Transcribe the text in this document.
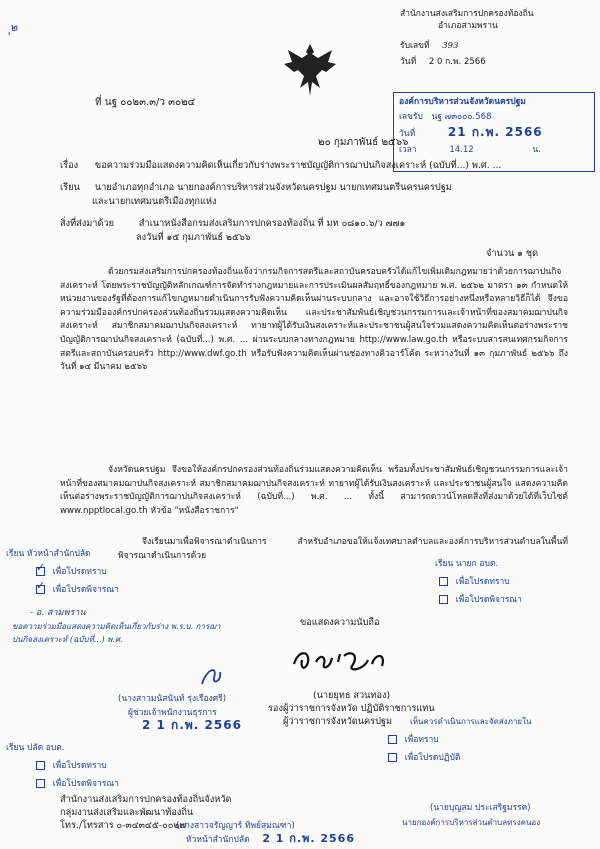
ุ๒
สำนักงานส่งเสริมการปกครองท้องถิ่น
อำเภอสามพราน
รับเลขที่ 393
วันที่ 2 0 ก.พ. 2566
องค์การบริหารส่วนจังหวัดนครปฐม
เลขรับ นฐ ๗๓๐๐๐.568
วันที่	21 ก.พ. 2566
เวลา	14.12	น.
ที่ นฐ ๐๐๒๓.๓/ว ๓๐๒๔
๒๐ กุมภาพันธ์ ๒๕๖๖
เรื่อง ขอความร่วมมือแสดงความคิดเห็นเกี่ยวกับร่างพระราชบัญญัติการฌาปนกิจสงเคราะห์ (ฉบับที่...) พ.ศ. ...
เรียน นายอำเภอทุกอำเภอ นายกองค์การบริหารส่วนจังหวัดนครปฐม นายกเทศมนตรีนครนครปฐม
และนายกเทศมนตรีเมืองทุกแห่ง
สิ่งที่ส่งมาด้วย	สำเนาหนังสือกรมส่งเสริมการปกครองท้องถิ่น ที่ มท ๐๘๑๐.๖/ว ๗๗๑
ลงวันที่ ๑๕ กุมภาพันธ์ ๒๕๖๖
จำนวน ๑ ชุด

ด้วยกรมส่งเสริมการปกครองท้องถิ่นแจ้งว่ากรมกิจการสตรีและสถาบันครอบครัวได้แก้ไขเพิ่มเติมกฎหมายว่าด้วยการฌาปนกิจสงเคราะห์ โดยพระราชบัญญัติหลักเกณฑ์การจัดทำร่างกฎหมายและการประเมินผลสัมฤทธิ์ของกฎหมาย พ.ศ. ๒๕๖๒ มาตรา ๑๓ กำหนดให้หน่วยงานของรัฐที่ต้องการแก้ไขกฎหมายดำเนินการรับฟังความคิดเห็นผ่านระบบกลาง และอาจใช้วิธีการอย่างหนึ่งหรือหลายวิธีก็ได้ จึงขอความร่วมมือองค์กรปกครองส่วนท้องถิ่นร่วมแสดงความคิดเห็น และประชาสัมพันธ์เชิญชวนกรรมการและเจ้าหน้าที่ของสมาคมฌาปนกิจสงเคราะห์ สมาชิกสมาคมฌาปนกิจสงเคราะห์ ทายาทผู้ได้รับเงินสงเคราะห์และประชาชนผู้สนใจร่วมแสดงความคิดเห็นต่อร่างพระราชบัญญัติการฌาปนกิจสงเคราะห์ (ฉบับที่...) พ.ศ. ... ผ่านระบบกลางทางกฎหมาย http://www.law.go.th หรือระบบสารสนเทศกรมกิจการสตรีและสถาบันครอบครัว http://www.dwf.go.th หรือรับฟังความคิดเห็นผ่านช่องทางคิวอาร์โค้ด ระหว่างวันที่ ๑๓ กุมภาพันธ์ ๒๕๖๖ ถึงวันที่ ๑๔ มีนาคม ๒๕๖๖

จังหวัดนครปฐม จึงขอให้องค์กรปกครองส่วนท้องถิ่นร่วมแสดงความคิดเห็น พร้อมทั้งประชาสัมพันธ์เชิญชวนกรรมการและเจ้าหน้าที่ของสมาคมฌาปนกิจสงเคราะห์ สมาชิกสมาคมฌาปนกิจสงเคราะห์ ทายาทผู้ได้รับเงินสงเคราะห์ และประชาชนผู้สนใจ แสดงความคิดเห็นต่อร่างพระราชบัญญัติการฌาปนกิจสงเคราะห์ (ฉบับที่...) พ.ศ. ... ทั้งนี้ สามารถดาวน์โหลดสิ่งที่ส่งมาด้วยได้ที่เว็บไซต์ www.npptlocal.go.th หัวข้อ "หนังสือราชการ"

จึงเรียนมาเพื่อพิจารณาดำเนินการ สำหรับอำเภอขอให้แจ้งเทศบาลตำบลและองค์การบริหารส่วนตำบลในพื้นที่พิจารณาดำเนินการด้วย

เรียน หัวหน้าสำนักปลัด
✓ เพื่อโปรดทราบ
✓ เพื่อโปรดพิจารณา
- อ. สามพราน
ขอความร่วมมือแสดงความคิดเห็นเกี่ยวกับร่าง พ.ร.บ. การฌา
ปนกิจสงเคราะห์ (ฉบับที่...) พ.ศ.
เรียน นายก อบต.
เพื่อโปรดทราบ
เพื่อโปรดพิจารณา
ขอแสดงความนับถือ
(นายยุทธ สวนทอง)
รองผู้ว่าราชการจังหวัด ปฏิบัติราชการแทน
ผู้ว่าราชการจังหวัดนครปฐม
(นางสาวมนัสนันท์ รุ่งเรืองศรี)
ผู้ช่วยเจ้าพนักงานธุรการ
2 1 ก.พ. 2566
เรียน ปลัด อบต.
เพื่อโปรดทราบ
เพื่อโปรดพิจารณา
เห็นควรดำเนินการและจัดส่งภายใน
เพื่อทราบ
เพื่อโปรดปฏิบัติ
สำนักงานส่งเสริมการปกครองท้องถิ่นจังหวัด
กลุ่มงานส่งเสริมและพัฒนาท้องถิ่น
โทร./โทรสาร ๐-๓๔๓๔๕-๐๐๒๗
(นางสาวจรัญญาร์ ทิพย์สุมณฑา)
หัวหน้าสำนักปลัด 2 1 ก.พ. 2566
(นายบุญสม ประเสริฐมรรค)
นายกองค์การบริหารส่วนตำบลทรงคนอง
